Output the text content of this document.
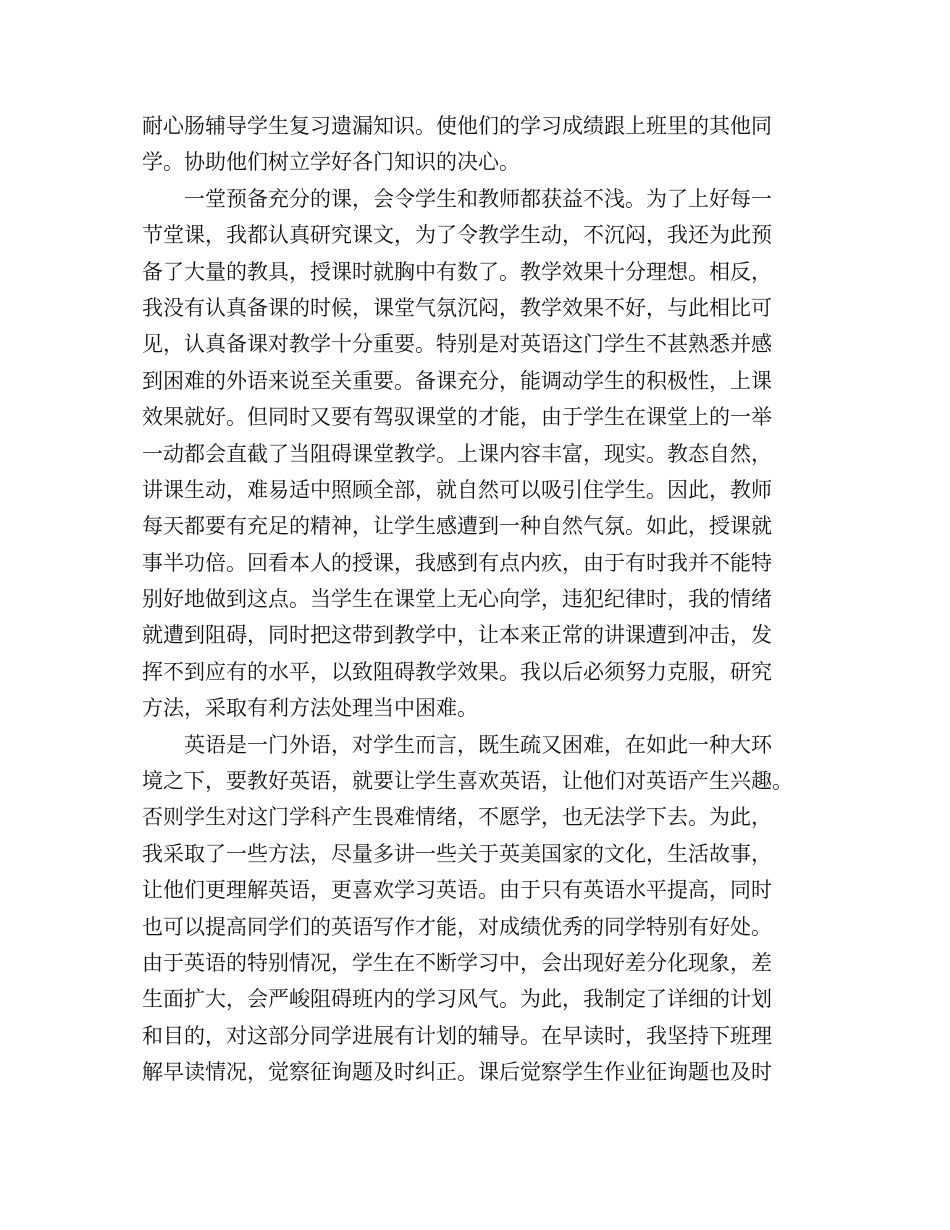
耐心肠辅导学生复习遗漏知识。使他们的学习成绩跟上班里的其他同
学。协助他们树立学好各门知识的决心。
一堂预备充分的课，会令学生和教师都获益不浅。为了上好每一
节堂课，我都认真研究课文，为了令教学生动，不沉闷，我还为此预
备了大量的教具，授课时就胸中有数了。教学效果十分理想。相反，
我没有认真备课的时候，课堂气氛沉闷，教学效果不好，与此相比可
见，认真备课对教学十分重要。特别是对英语这门学生不甚熟悉并感
到困难的外语来说至关重要。备课充分，能调动学生的积极性，上课
效果就好。但同时又要有驾驭课堂的才能，由于学生在课堂上的一举
一动都会直截了当阻碍课堂教学。上课内容丰富，现实。教态自然，
讲课生动，难易适中照顾全部，就自然可以吸引住学生。因此，教师
每天都要有充足的精神，让学生感遭到一种自然气氛。如此，授课就
事半功倍。回看本人的授课，我感到有点内疚，由于有时我并不能特
别好地做到这点。当学生在课堂上无心向学，违犯纪律时，我的情绪
就遭到阻碍，同时把这带到教学中，让本来正常的讲课遭到冲击，发
挥不到应有的水平，以致阻碍教学效果。我以后必须努力克服，研究
方法，采取有利方法处理当中困难。
英语是一门外语，对学生而言，既生疏又困难，在如此一种大环
境之下，要教好英语，就要让学生喜欢英语，让他们对英语产生兴趣。
否则学生对这门学科产生畏难情绪，不愿学，也无法学下去。为此，
我采取了一些方法，尽量多讲一些关于英美国家的文化，生活故事，
让他们更理解英语，更喜欢学习英语。由于只有英语水平提高，同时
也可以提高同学们的英语写作才能，对成绩优秀的同学特别有好处。
由于英语的特别情况，学生在不断学习中，会出现好差分化现象，差
生面扩大，会严峻阻碍班内的学习风气。为此，我制定了详细的计划
和目的，对这部分同学进展有计划的辅导。在早读时，我坚持下班理
解早读情况，觉察征询题及时纠正。课后觉察学生作业征询题也及时
